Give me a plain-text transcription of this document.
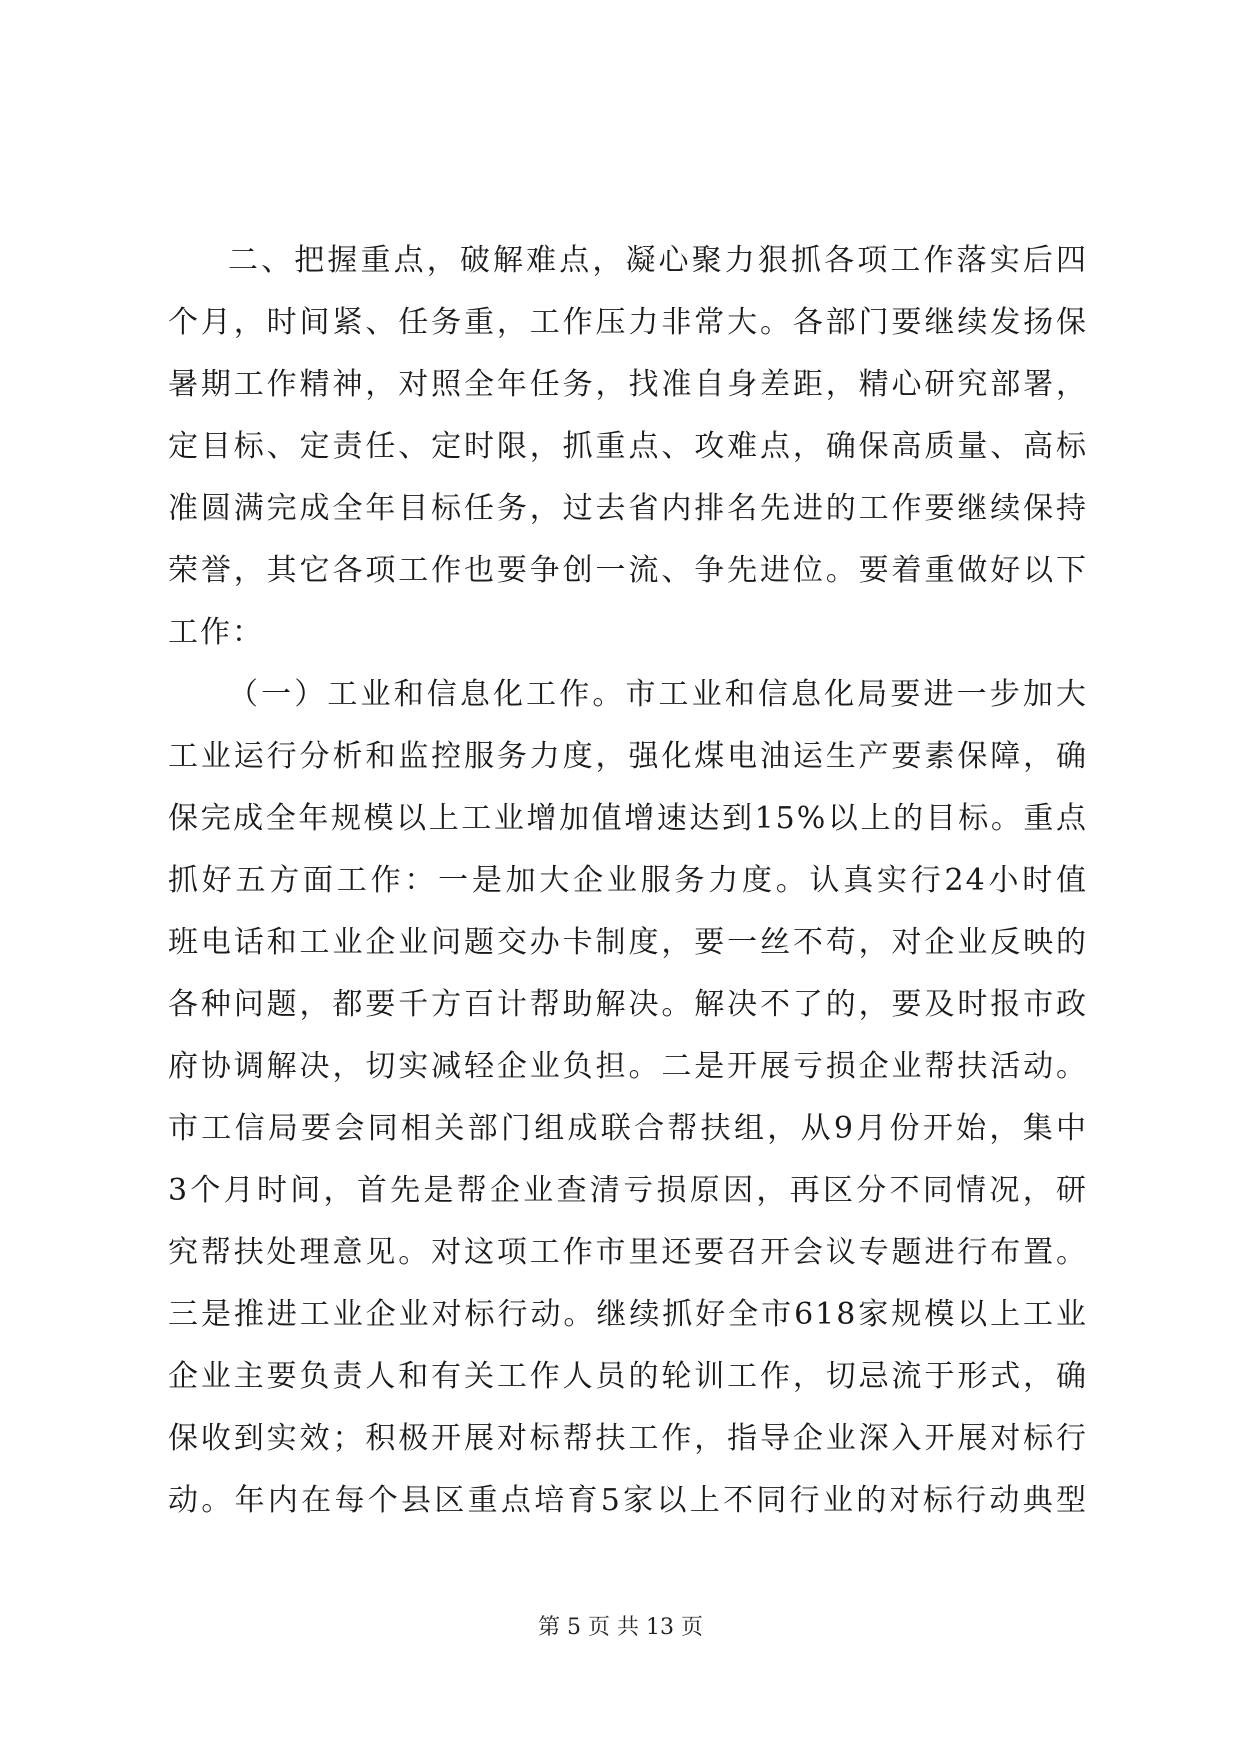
二、把握重点，破解难点，凝心聚力狠抓各项工作落实后四
个月，时间紧、任务重，工作压力非常大。各部门要继续发扬保
暑期工作精神，对照全年任务，找准自身差距，精心研究部署，
定目标、定责任、定时限，抓重点、攻难点，确保高质量、高标
准圆满完成全年目标任务，过去省内排名先进的工作要继续保持
荣誉，其它各项工作也要争创一流、争先进位。要着重做好以下
工作：
（一）工业和信息化工作。市工业和信息化局要进一步加大
工业运行分析和监控服务力度，强化煤电油运生产要素保障，确
保完成全年规模以上工业增加值增速达到15%以上的目标。重点
抓好五方面工作：一是加大企业服务力度。认真实行24小时值
班电话和工业企业问题交办卡制度，要一丝不苟，对企业反映的
各种问题，都要千方百计帮助解决。解决不了的，要及时报市政
府协调解决，切实减轻企业负担。二是开展亏损企业帮扶活动。
市工信局要会同相关部门组成联合帮扶组，从9月份开始，集中
3个月时间，首先是帮企业查清亏损原因，再区分不同情况，研
究帮扶处理意见。对这项工作市里还要召开会议专题进行布置。
三是推进工业企业对标行动。继续抓好全市618家规模以上工业
企业主要负责人和有关工作人员的轮训工作，切忌流于形式，确
保收到实效；积极开展对标帮扶工作，指导企业深入开展对标行
动。年内在每个县区重点培育5家以上不同行业的对标行动典型
第 5 页 共 13 页
